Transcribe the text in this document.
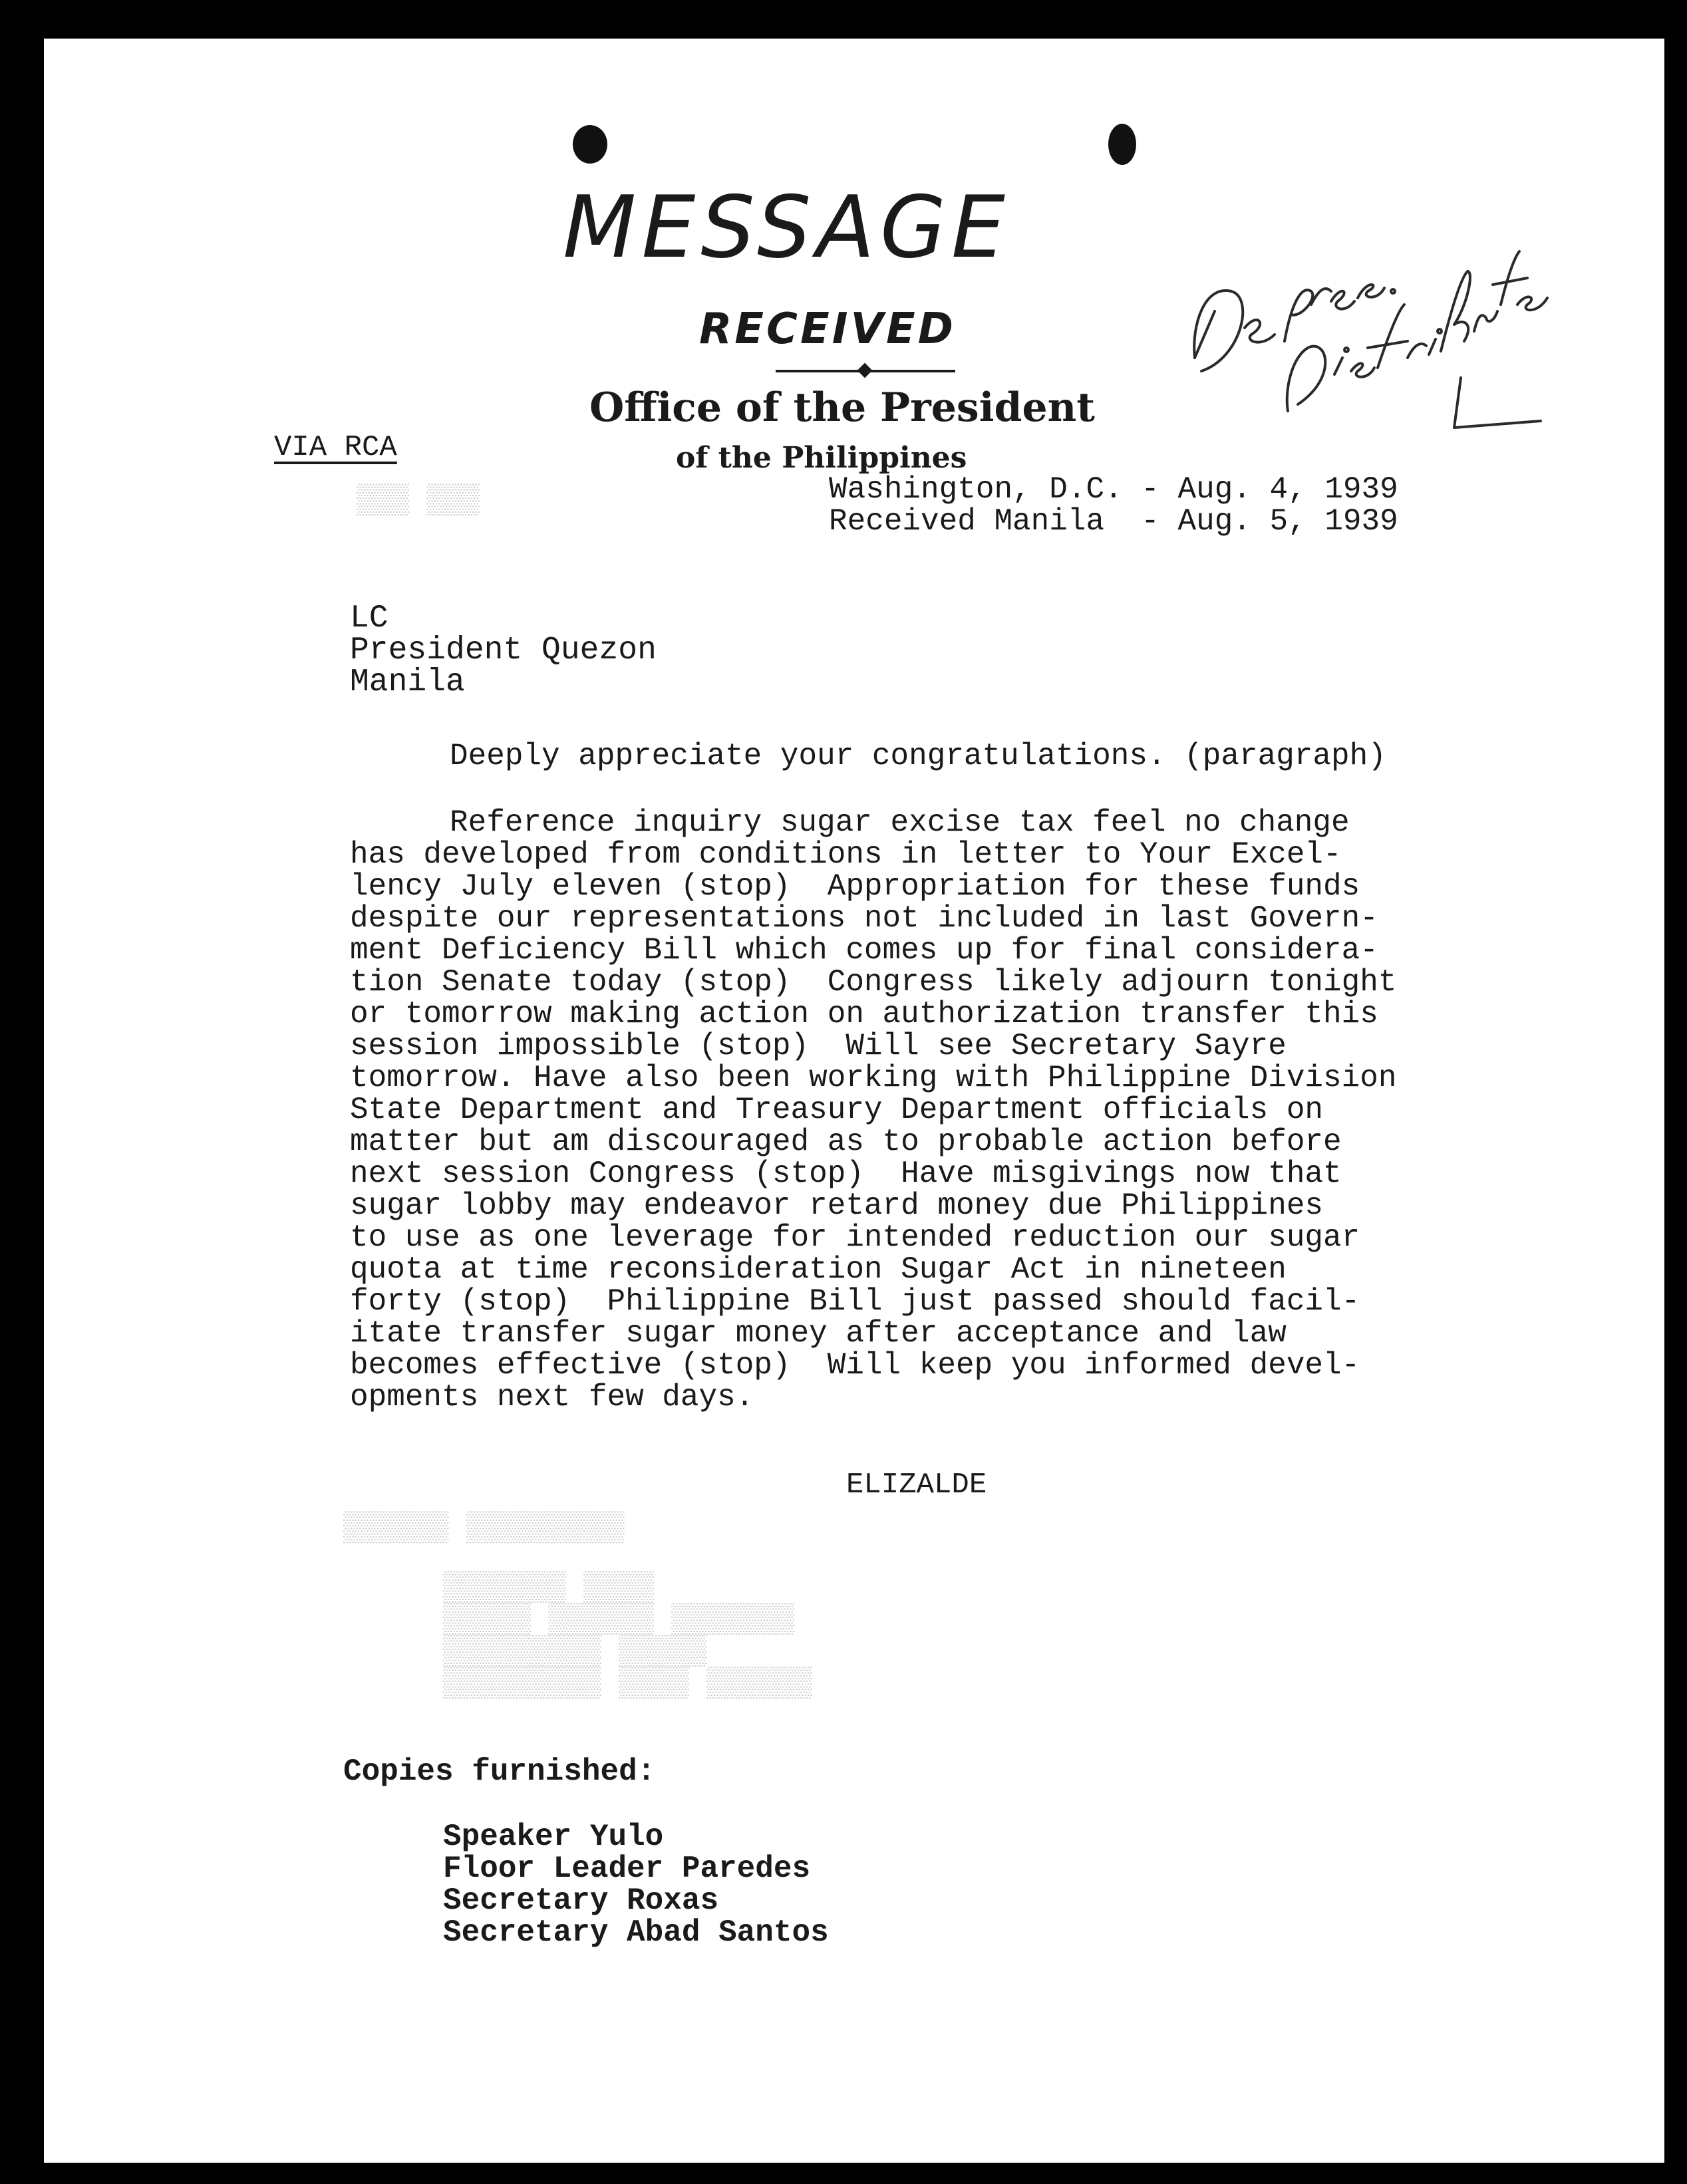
MESSAGE
RECEIVED
Office of the President
of the Philippines
VIA RCA
▒▒▒ ▒▒▒	Washington, D.C. - Aug. 4, 1939
Received Manila  - Aug. 5, 1939
LC
President Quezon
Manila
Deeply appreciate your congratulations. (paragraph)
Reference inquiry sugar excise tax feel no change
has developed from conditions in letter to Your Excel-
lency July eleven (stop)  Appropriation for these funds
despite our representations not included in last Govern-
ment Deficiency Bill which comes up for final considera-
tion Senate today (stop)  Congress likely adjourn tonight
or tomorrow making action on authorization transfer this
session impossible (stop)  Will see Secretary Sayre
tomorrow. Have also been working with Philippine Division
State Department and Treasury Department officials on
matter but am discouraged as to probable action before
next session Congress (stop)  Have misgivings now that
sugar lobby may endeavor retard money due Philippines
to use as one leverage for intended reduction our sugar
quota at time reconsideration Sugar Act in nineteen
forty (stop)  Philippine Bill just passed should facil-
itate transfer sugar money after acceptance and law
becomes effective (stop)  Will keep you informed devel-
opments next few days.
ELIZALDE
▒▒▒▒▒▒ ▒▒▒▒▒▒▒▒▒
▒▒▒▒▒▒▒ ▒▒▒▒
▒▒▒▒▒ ▒▒▒▒▒▒ ▒▒▒▒▒▒▒
▒▒▒▒▒▒▒▒▒ ▒▒▒▒▒
▒▒▒▒▒▒▒▒▒ ▒▒▒▒ ▒▒▒▒▒▒
Copies furnished:
Speaker Yulo
Floor Leader Paredes
Secretary Roxas
Secretary Abad Santos
